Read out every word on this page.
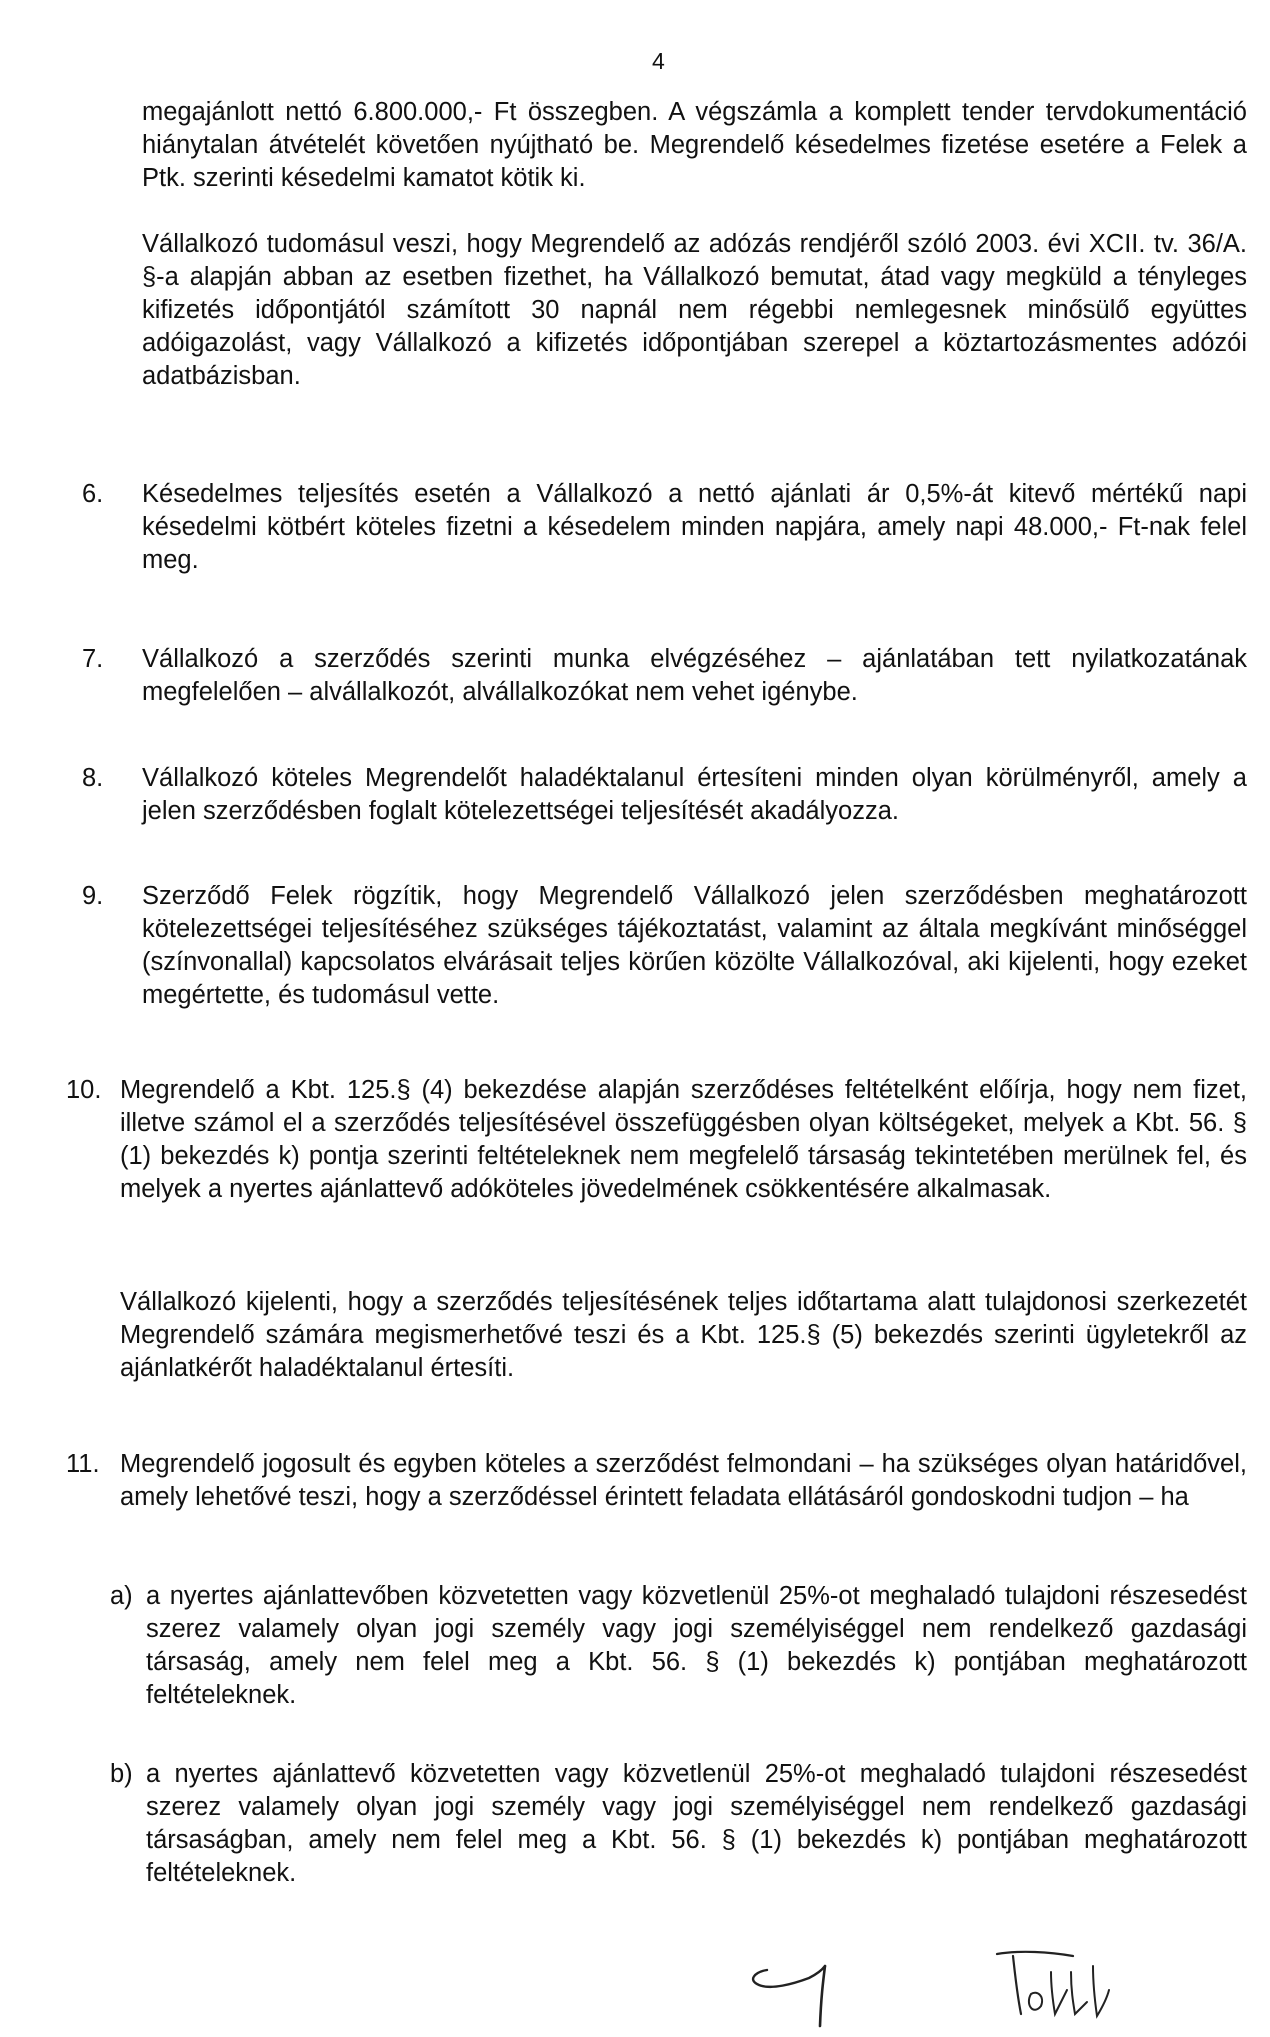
4

megajánlott nettó 6.800.000,- Ft összegben. A végszámla a komplett tender tervdokumentáció hiánytalan átvételét követően nyújtható be. Megrendelő késedelmes fizetése esetére a Felek a Ptk. szerinti késedelmi kamatot kötik ki.

Vállalkozó tudomásul veszi, hogy Megrendelő az adózás rendjéről szóló 2003. évi XCII. tv. 36/A. §-a alapján abban az esetben fizethet, ha Vállalkozó bemutat, átad vagy megküld a tényleges kifizetés időpontjától számított 30 napnál nem régebbi nemlegesnek minősülő együttes adóigazolást, vagy Vállalkozó a kifizetés időpontjában szerepel a köztartozásmentes adózói adatbázisban.

6. Késedelmes teljesítés esetén a Vállalkozó a nettó ajánlati ár 0,5%-át kitevő mértékű napi késedelmi kötbért köteles fizetni a késedelem minden napjára, amely napi 48.000,- Ft-nak felel meg.
7. Vállalkozó a szerződés szerinti munka elvégzéséhez – ajánlatában tett nyilatkozatának megfelelően – alvállalkozót, alvállalkozókat nem vehet igénybe.
8. Vállalkozó köteles Megrendelőt haladéktalanul értesíteni minden olyan körülményről, amely a jelen szerződésben foglalt kötelezettségei teljesítését akadályozza.
9. Szerződő Felek rögzítik, hogy Megrendelő Vállalkozó jelen szerződésben meghatározott kötelezettségei teljesítéséhez szükséges tájékoztatást, valamint az általa megkívánt minőséggel (színvonallal) kapcsolatos elvárásait teljes körűen közölte Vállalkozóval, aki kijelenti, hogy ezeket megértette, és tudomásul vette.
10. Megrendelő a Kbt. 125.§ (4) bekezdése alapján szerződéses feltételként előírja, hogy nem fizet, illetve számol el a szerződés teljesítésével összefüggésben olyan költségeket, melyek a Kbt. 56. § (1) bekezdés k) pontja szerinti feltételeknek nem megfelelő társaság tekintetében merülnek fel, és melyek a nyertes ajánlattevő adóköteles jövedelmének csökkentésére alkalmasak.

Vállalkozó kijelenti, hogy a szerződés teljesítésének teljes időtartama alatt tulajdonosi szerkezetét Megrendelő számára megismerhetővé teszi és a Kbt. 125.§ (5) bekezdés szerinti ügyletekről az ajánlatkérőt haladéktalanul értesíti.

11. Megrendelő jogosult és egyben köteles a szerződést felmondani – ha szükséges olyan határidővel, amely lehetővé teszi, hogy a szerződéssel érintett feladata ellátásáról gondoskodni tudjon – ha
a) a nyertes ajánlattevőben közvetetten vagy közvetlenül 25%-ot meghaladó tulajdoni részesedést szerez valamely olyan jogi személy vagy jogi személyiséggel nem rendelkező gazdasági társaság, amely nem felel meg a Kbt. 56. § (1) bekezdés k) pontjában meghatározott feltételeknek.
b) a nyertes ajánlattevő közvetetten vagy közvetlenül 25%-ot meghaladó tulajdoni részesedést szerez valamely olyan jogi személy vagy jogi személyiséggel nem rendelkező gazdasági társaságban, amely nem felel meg a Kbt. 56. § (1) bekezdés k) pontjában meghatározott feltételeknek.
